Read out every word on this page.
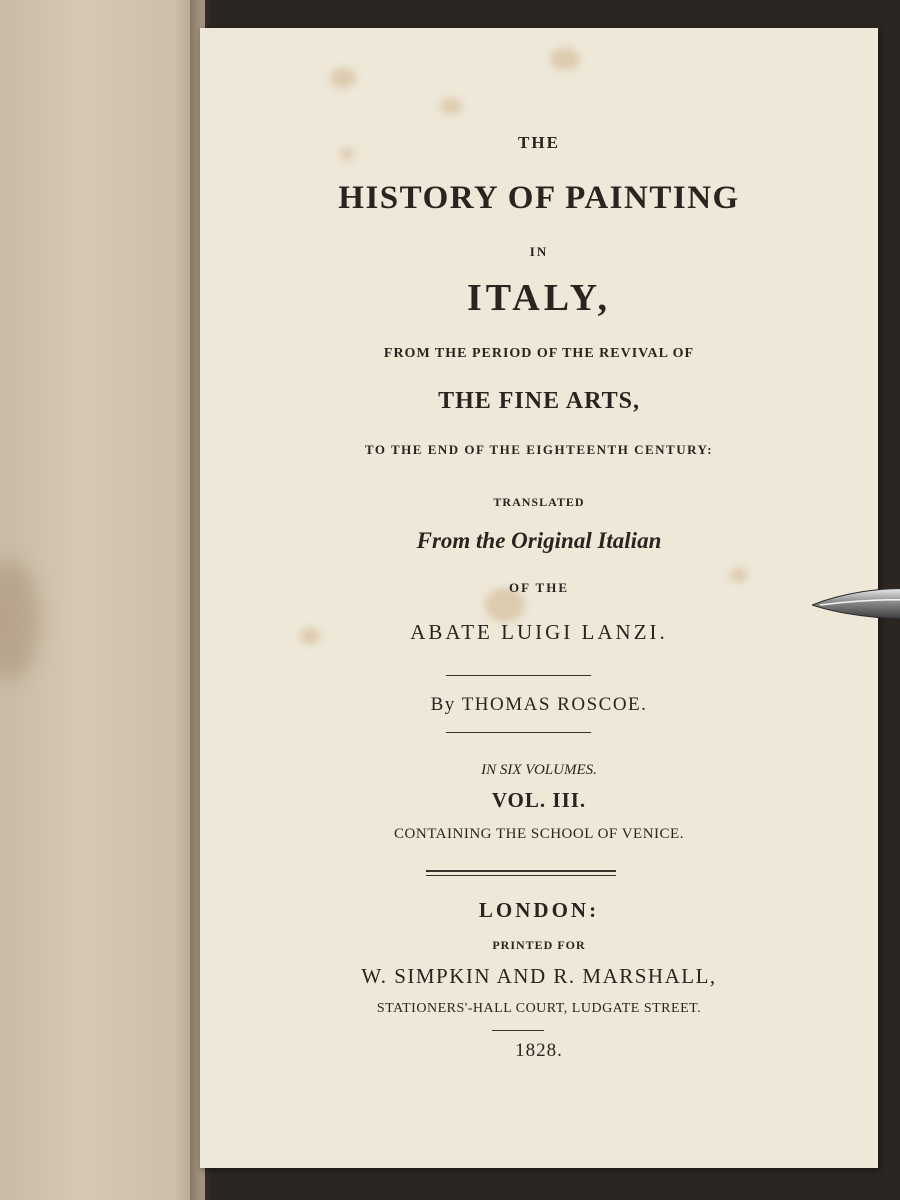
THE
HISTORY OF PAINTING
IN
ITALY,
FROM THE PERIOD OF THE REVIVAL OF
THE FINE ARTS,
TO THE END OF THE EIGHTEENTH CENTURY:
TRANSLATED
From the Original Italian
OF THE
ABATE LUIGI LANZI.
By THOMAS ROSCOE.
IN SIX VOLUMES.
VOL. III.
CONTAINING THE SCHOOL OF VENICE.
LONDON:
PRINTED FOR
W. SIMPKIN AND R. MARSHALL,
STATIONERS'-HALL COURT, LUDGATE STREET.
1828.
